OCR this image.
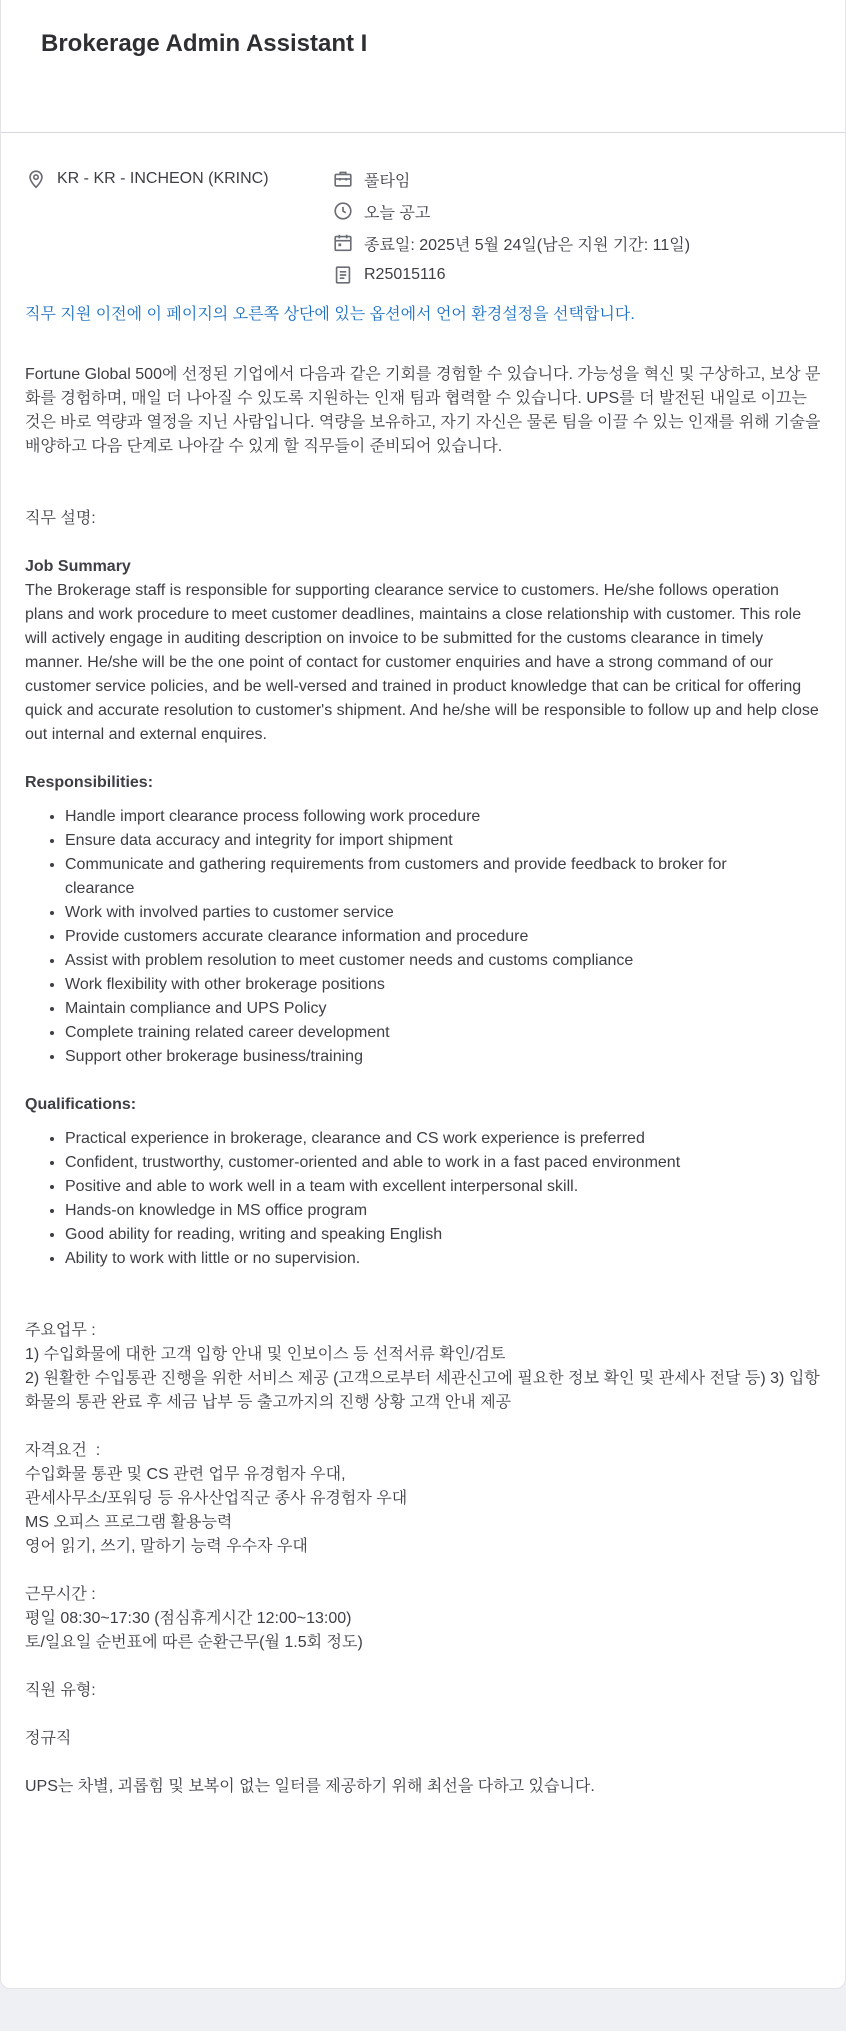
Brokerage Admin Assistant I
KR - KR - INCHEON (KRINC)	풀타임
오늘 공고
종료일: 2025년 5월 24일(남은 지원 기간: 11일)
R25015116

직무 지원 이전에 이 페이지의 오른쪽 상단에 있는 옵션에서 언어 환경설정을 선택합니다.

Fortune Global 500에 선정된 기업에서 다음과 같은 기회를 경험할 수 있습니다. 가능성을 혁신 및 구상하고, 보상 문화를 경험하며, 매일 더 나아질 수 있도록 지원하는 인재 팀과 협력할 수 있습니다. UPS를 더 발전된 내일로 이끄는 것은 바로 역량과 열정을 지닌 사람입니다. 역량을 보유하고, 자기 자신은 물론 팀을 이끌 수 있는 인재를 위해 기술을 배양하고 다음 단계로 나아갈 수 있게 할 직무들이 준비되어 있습니다.

직무 설명:

Job Summary

The Brokerage staff is responsible for supporting clearance service to customers. He/she follows operation plans and work procedure to meet customer deadlines, maintains a close relationship with customer. This role will actively engage in auditing description on invoice to be submitted for the customs clearance in timely manner. He/she will be the one point of contact for customer enquiries and have a strong command of our customer service policies, and be well-versed and trained in product knowledge that can be critical for offering quick and accurate resolution to customer's shipment. And he/she will be responsible to follow up and help close out internal and external enquires.

Responsibilities:

• Handle import clearance process following work procedure
• Ensure data accuracy and integrity for import shipment
• Communicate and gathering requirements from customers and provide feedback to broker for clearance
• Work with involved parties to customer service
• Provide customers accurate clearance information and procedure
• Assist with problem resolution to meet customer needs and customs compliance
• Work flexibility with other brokerage positions
• Maintain compliance and UPS Policy
• Complete training related career development
• Support other brokerage business/training

Qualifications:

• Practical experience in brokerage, clearance and CS work experience is preferred
• Confident, trustworthy, customer-oriented and able to work in a fast paced environment
• Positive and able to work well in a team with excellent interpersonal skill.
• Hands-on knowledge in MS office program
• Good ability for reading, writing and speaking English
• Ability to work with little or no supervision.

주요업무 :

1) 수입화물에 대한 고객 입항 안내 및 인보이스 등 선적서류 확인/검토

2) 원활한 수입통관 진행을 위한 서비스 제공 (고객으로부터 세관신고에 필요한 정보 확인 및 관세사 전달 등) 3) 입항 화물의 통관 완료 후 세금 납부 등 출고까지의 진행 상황 고객 안내 제공

자격요건  :

수입화물 통관 및 CS 관련 업무 유경험자 우대,

관세사무소/포워딩 등 유사산업직군 종사 유경험자 우대

MS 오피스 프로그램 활용능력

영어 읽기, 쓰기, 말하기 능력 우수자 우대

근무시간 :

평일 08:30~17:30 (점심휴게시간 12:00~13:00)

토/일요일 순번표에 따른 순환근무(월 1.5회 정도)

직원 유형:

정규직

UPS는 차별, 괴롭힘 및 보복이 없는 일터를 제공하기 위해 최선을 다하고 있습니다.
